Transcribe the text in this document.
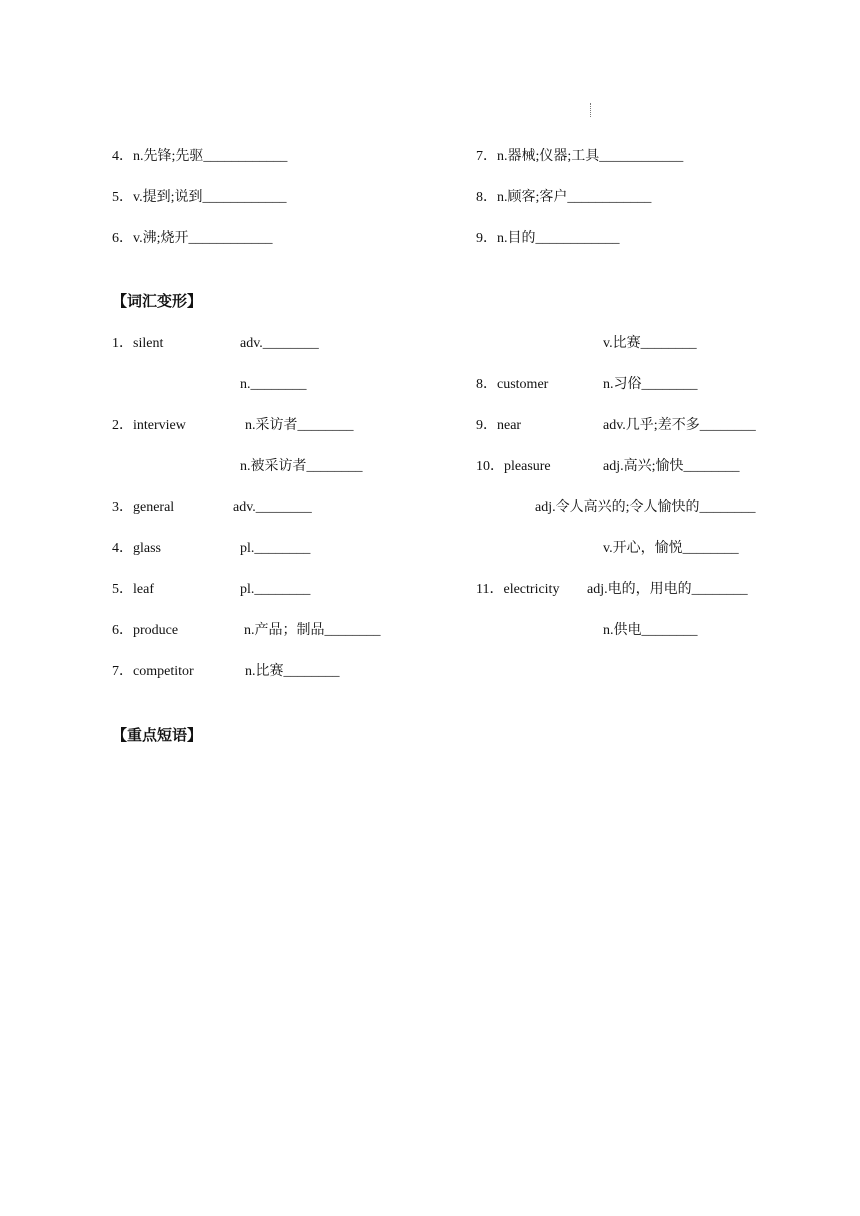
4．n.先锋;先驱____________
5．v.提到;说到____________
6．v.沸;烧开____________
7．n.器械;仪器;工具____________
8．n.顾客;客户____________
9．n.目的____________
【词汇变形】
1．silent	adv.________
n.________
2．interview	n.采访者________
n.被采访者________
3．general	adv.________
4．glass	pl.________
5．leaf	pl.________
6．produce	n.产品；制品________
7．competitor	n.比赛________
v.比赛________
8．customer	n.习俗________
9．near	adv.几乎;差不多________
10．pleasure	adj.高兴;愉快________
adj.令人高兴的;令人愉快的________
v.开心，愉悦________
11．electricity adj.电的，用电的________
n.供电________
【重点短语】
